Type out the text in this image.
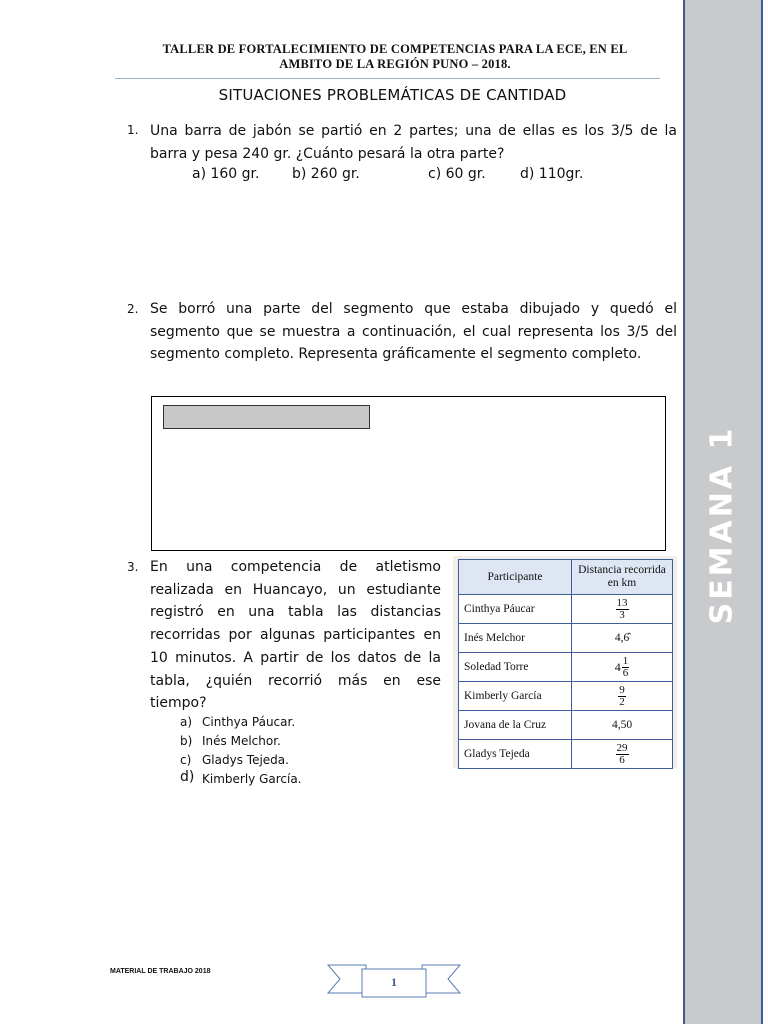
TALLER DE FORTALECIMIENTO DE COMPETENCIAS PARA LA ECE, EN EL
AMBITO DE LA REGIÓN PUNO – 2018.
SITUACIONES PROBLEMÁTICAS DE CANTIDAD
1. Una barra de jabón se partió en 2 partes; una de ellas es los 3/5 de la barra y pesa 240 gr. ¿Cuánto pesará la otra parte?
a) 160 gr. b) 260 gr.	c) 60 gr. d) 110gr.
2. Se borró una parte del segmento que estaba dibujado y quedó el segmento que se muestra a continuación, el cual representa los 3/5 del segmento completo. Representa gráficamente el segmento completo.
3. En una competencia de atletismo realizada en Huancayo, un estudiante registró en una tabla las distancias recorridas por algunas participantes en 10 minutos. A partir de los datos de la tabla, ¿quién recorrió más en ese tiempo?
a) Cinthya Páucar.
b) Inés Melchor.
c) Gladys Tejeda.
d) Kimberly García.
Participante	Distancia recorrida en km
Cinthya Páucar	$\frac{13}{3}$

Inés Melchor	4,6̂
Soledad Torre	$4 \frac{1}{6}$

Kimberly García	$\frac{9}{2}$

Jovana de la Cruz	4,50
Gladys Tejeda	$\frac{29}{6}$
SEMANA 1
MATERIAL DE TRABAJO 2018
1
